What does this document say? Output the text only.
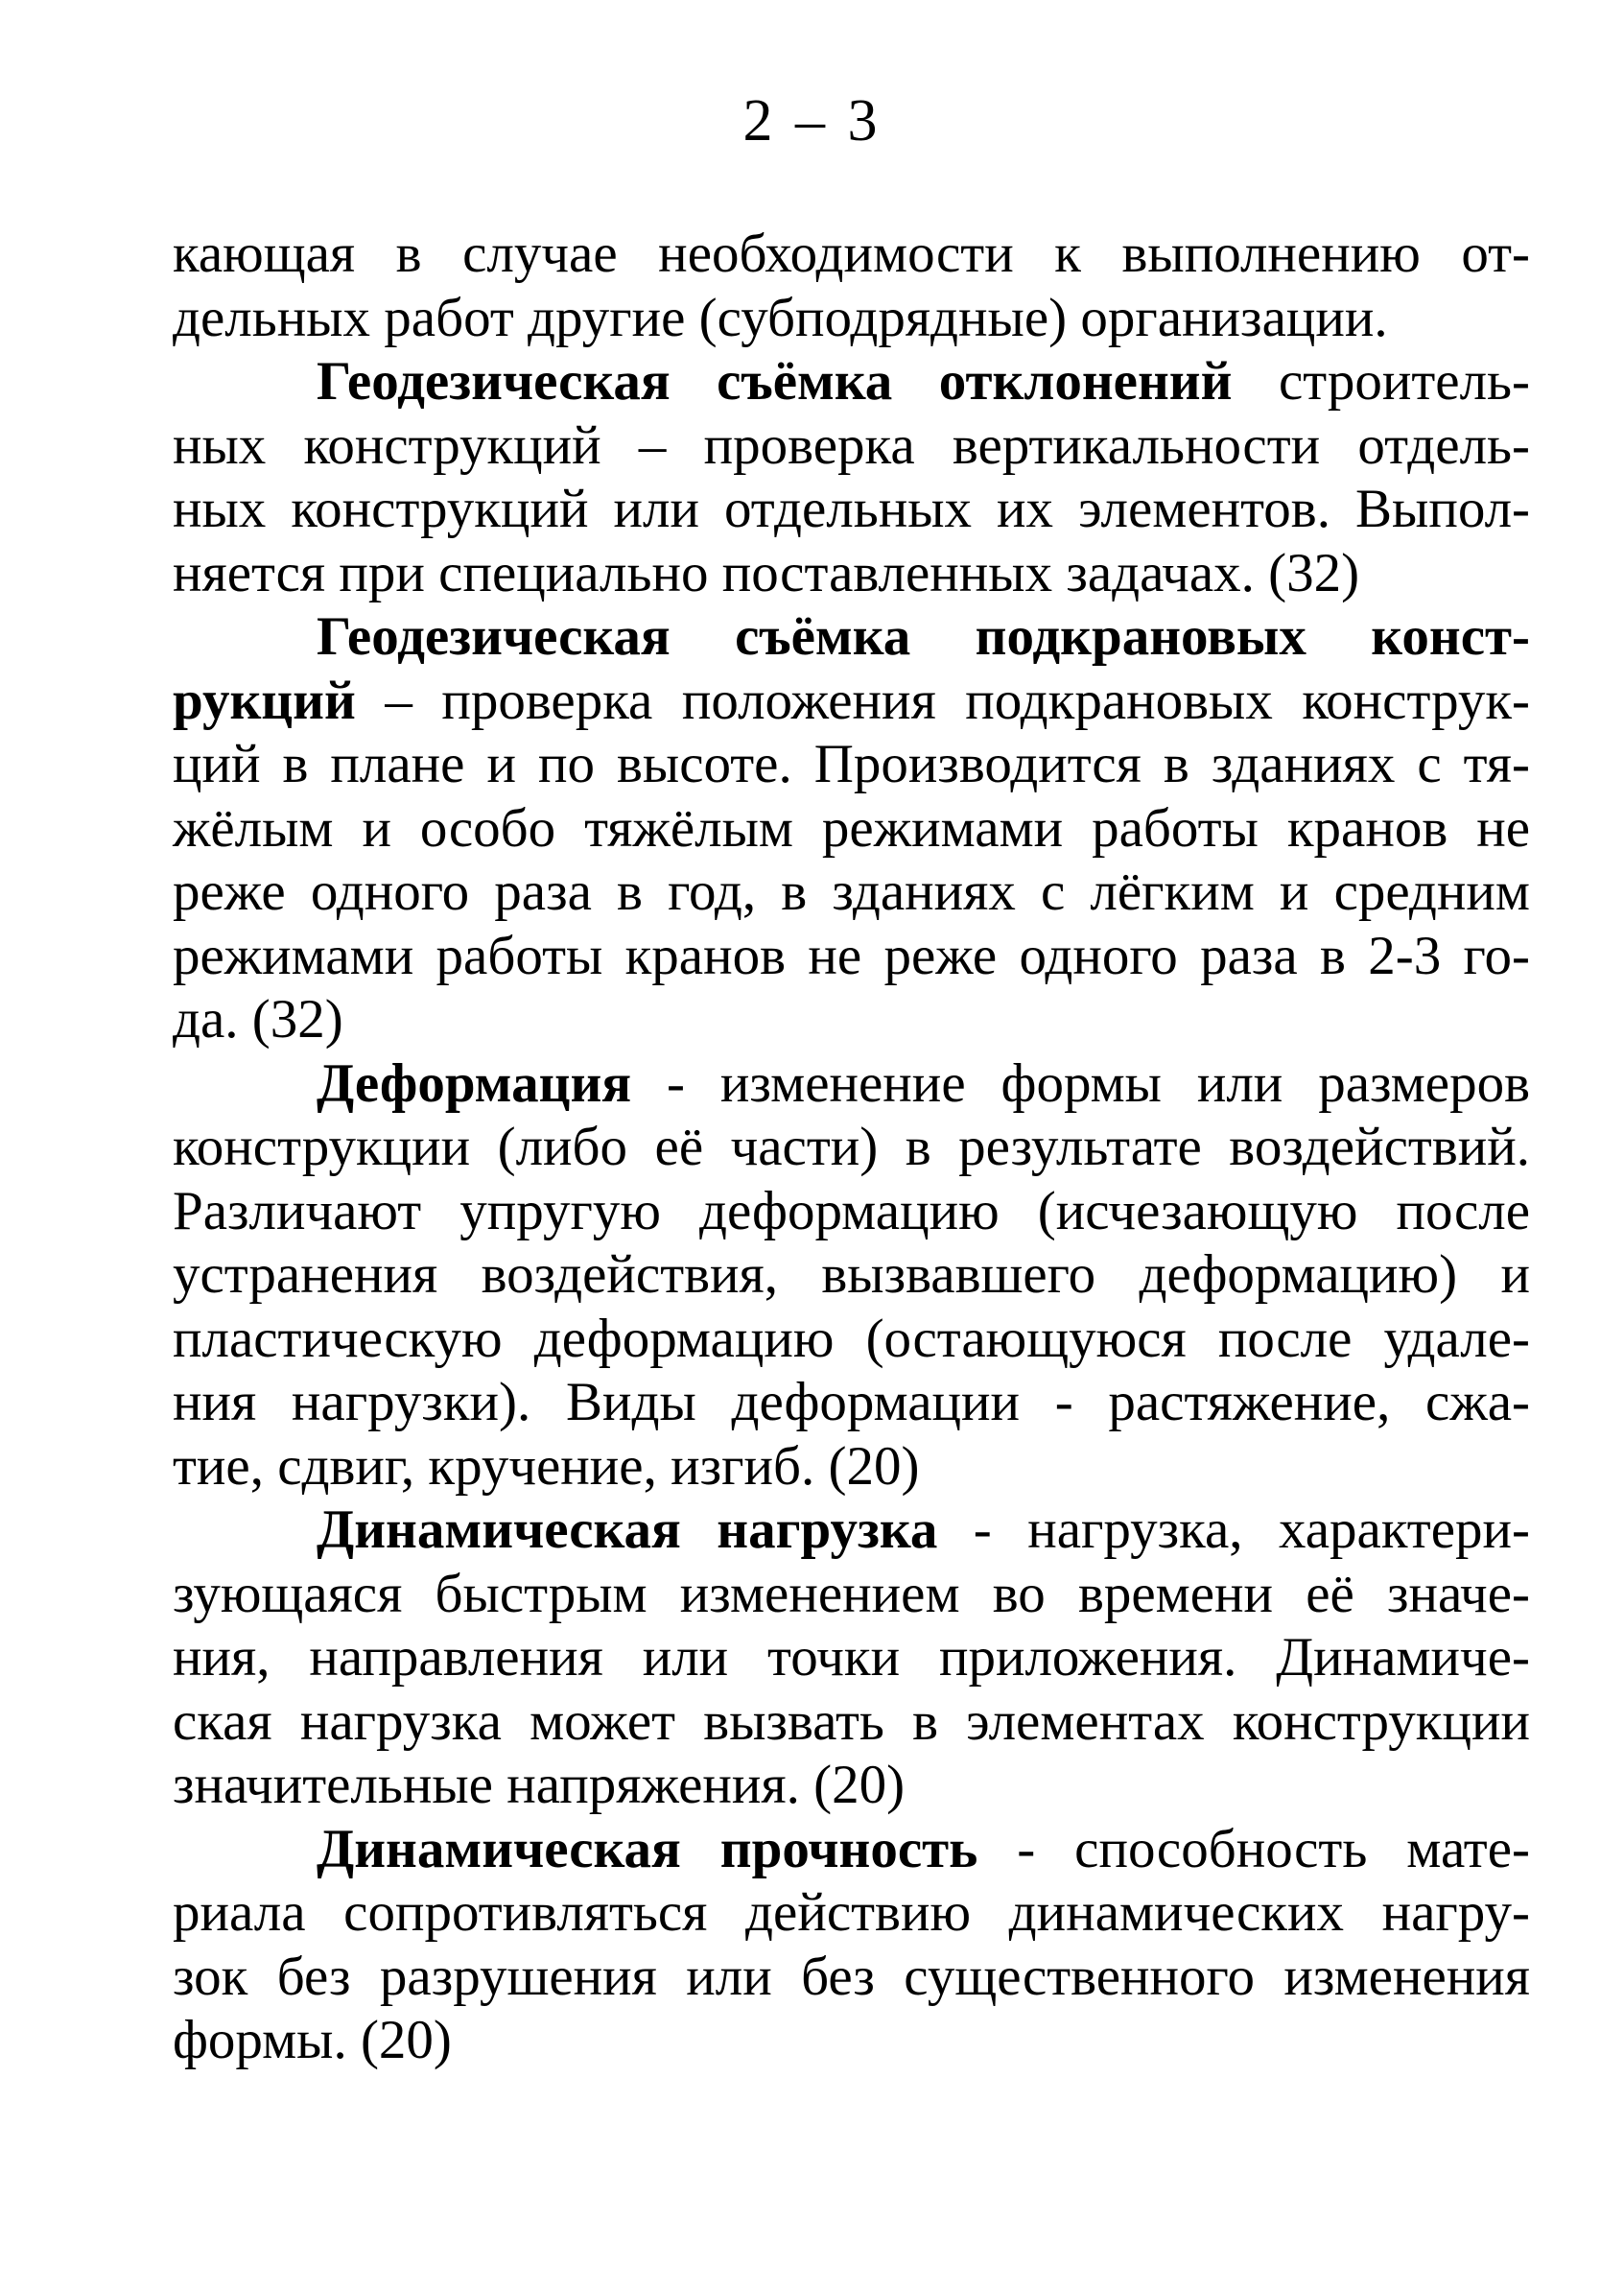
2 – 3
кающая в случае необходимости к выполнению от-
дельных работ другие (субподрядные) организации.
Геодезическая съёмка отклонений строитель-
ных конструкций – проверка вертикальности отдель-
ных конструкций или отдельных их элементов. Выпол-
няется при специально поставленных задачах. (32)
Геодезическая съёмка подкрановых конст-
рукций – проверка положения подкрановых конструк-
ций в плане и по высоте. Производится в зданиях с тя-
жёлым и особо тяжёлым режимами работы кранов не
реже одного раза в год, в зданиях с лёгким и средним
режимами работы кранов не реже одного раза в 2-3 го-
да. (32)
Деформация - изменение формы или размеров
конструкции (либо её части) в результате воздействий.
Различают упругую деформацию (исчезающую после
устранения воздействия, вызвавшего деформацию) и
пластическую деформацию (остающуюся после удале-
ния нагрузки). Виды деформации - растяжение, сжа-
тие, сдвиг, кручение, изгиб. (20)
Динамическая нагрузка - нагрузка, характери-
зующаяся быстрым изменением во времени её значе-
ния, направления или точки приложения. Динамиче-
ская нагрузка может вызвать в элементах конструкции
значительные напряжения. (20)
Динамическая прочность - способность мате-
риала сопротивляться действию динамических нагру-
зок без разрушения или без существенного изменения
формы. (20)
